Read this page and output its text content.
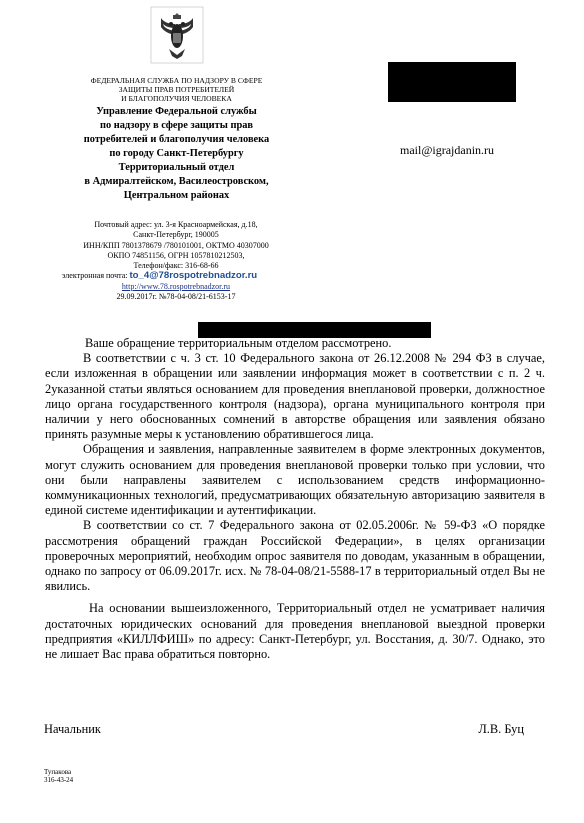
ФЕДЕРАЛЬНАЯ СЛУЖБА ПО НАДЗОРУ В СФЕРЕ
ЗАЩИТЫ ПРАВ ПОТРЕБИТЕЛЕЙ
И БЛАГОПОЛУЧИЯ ЧЕЛОВЕКА
Управление Федеральной службы
по надзору в сфере защиты прав
потребителей и благополучия человека
по городу Санкт-Петербургу
Территориальный отдел
в Адмиралтейском, Василеостровском,
Центральном районах
Почтовый адрес: ул. 3-я Красноармейская, д.18,
Санкт-Петербург, 190005
ИНН/КПП 7801378679 /780101001, ОКТМО 40307000
ОКПО 74851156, ОГРН 1057810212503,
Телефон/факс: 316-68-66
электронная почта: to_4@78rospotrebnadzor.ru
http://www.78.rospotrebnadzor.ru
29.09.2017г. №78-04-08/21-6153-17
mail@igrajdanin.ru

Ваше обращение территориальным отделом рассмотрено.

В соответствии с ч. 3 ст. 10 Федерального закона от 26.12.2008 № 294 ФЗ в случае, если изложенная в обращении или заявлении информация может в соответствии с п. 2 ч. 2указанной статьи являться основанием для проведения внеплановой проверки, должностное лицо органа государственного контроля (надзора), органа муниципального контроля при наличии у него обоснованных сомнений в авторстве обращения или заявления обязано принять разумные меры к установлению обратившегося лица.

Обращения и заявления, направленные заявителем в форме электронных документов, могут служить основанием для проведения внеплановой проверки только при условии, что они были направлены заявителем с использованием средств информационно-коммуникационных технологий, предусматривающих обязательную авторизацию заявителя в единой системе идентификации и аутентификации.

В соответствии со ст. 7 Федерального закона от 02.05.2006г. № 59-ФЗ «О порядке рассмотрения обращений граждан Российской Федерации», в целях организации проверочных мероприятий, необходим опрос заявителя по доводам, указанным в обращении, однако по запросу от 06.09.2017г. исх. № 78-04-08/21-5588-17 в территориальный отдел Вы не явились.

На основании вышеизложенного, Территориальный отдел не усматривает наличия достаточных юридических оснований для проведения внеплановой выездной проверки предприятия «КИЛЛФИШ» по адресу: Санкт-Петербург, ул. Восстания, д. 30/7. Однако, это не лишает Вас права обратиться повторно.

Начальник	Л.В. Буц
Тупакова
316-43-24
